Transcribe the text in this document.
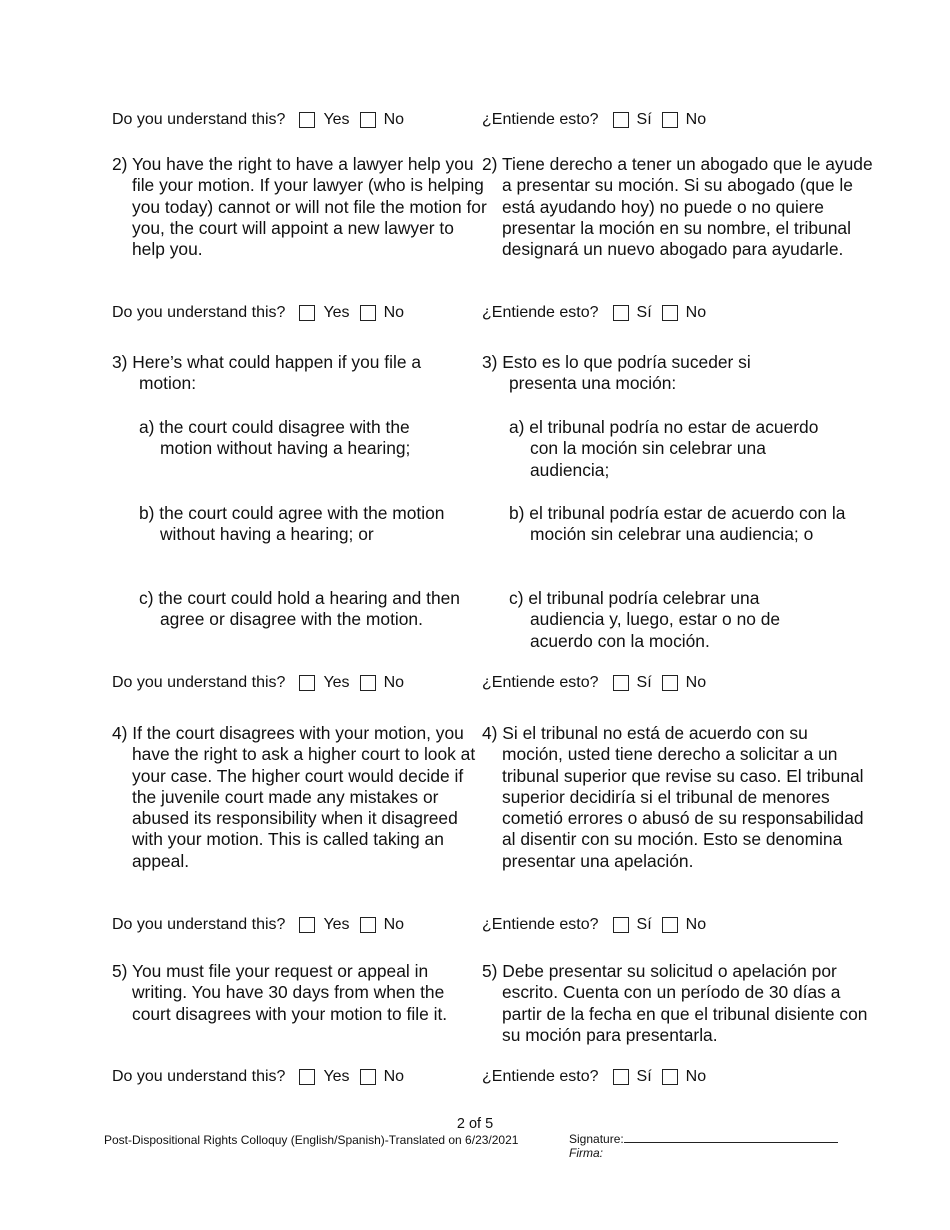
Do you understand this? Yes No	¿Entiende esto? Sí No
2) You have the right to have a lawyer help you file your motion. If your lawyer (who is helping you today) cannot or will not file the motion for you, the court will appoint a new lawyer to help you.
2) Tiene derecho a tener un abogado que le ayude a presentar su moción. Si su abogado (que le está ayudando hoy) no puede o no quiere presentar la moción en su nombre, el tribunal designará un nuevo abogado para ayudarle.
Do you understand this? Yes No	¿Entiende esto? Sí No
3) Here’s what could happen if you file a motion:
3) Esto es lo que podría suceder si presenta una moción:
a) the court could disagree with the motion without having a hearing;
a) el tribunal podría no estar de acuerdo con la moción sin celebrar una audiencia;
b) the court could agree with the motion without having a hearing; or
b) el tribunal podría estar de acuerdo con la moción sin celebrar una audiencia; o
c) the court could hold a hearing and then agree or disagree with the motion.
c) el tribunal podría celebrar una audiencia y, luego, estar o no de acuerdo con la moción.
Do you understand this? Yes No	¿Entiende esto? Sí No
4) If the court disagrees with your motion, you have the right to ask a higher court to look at your case. The higher court would decide if the juvenile court made any mistakes or abused its responsibility when it disagreed with your motion. This is called taking an appeal.
4) Si el tribunal no está de acuerdo con su moción, usted tiene derecho a solicitar a un tribunal superior que revise su caso. El tribunal superior decidiría si el tribunal de menores cometió errores o abusó de su responsabilidad al disentir con su moción. Esto se denomina presentar una apelación.
Do you understand this? Yes No	¿Entiende esto? Sí No
5) You must file your request or appeal in writing. You have 30 days from when the court disagrees with your motion to file it.
5) Debe presentar su solicitud o apelación por escrito. Cuenta con un período de 30 días a partir de la fecha en que el tribunal disiente con su moción para presentarla.
Do you understand this? Yes No	¿Entiende esto? Sí No
2 of 5
Post-Dispositional Rights Colloquy (English/Spanish)-Translated on 6/23/2021	Signature:
Firma:
